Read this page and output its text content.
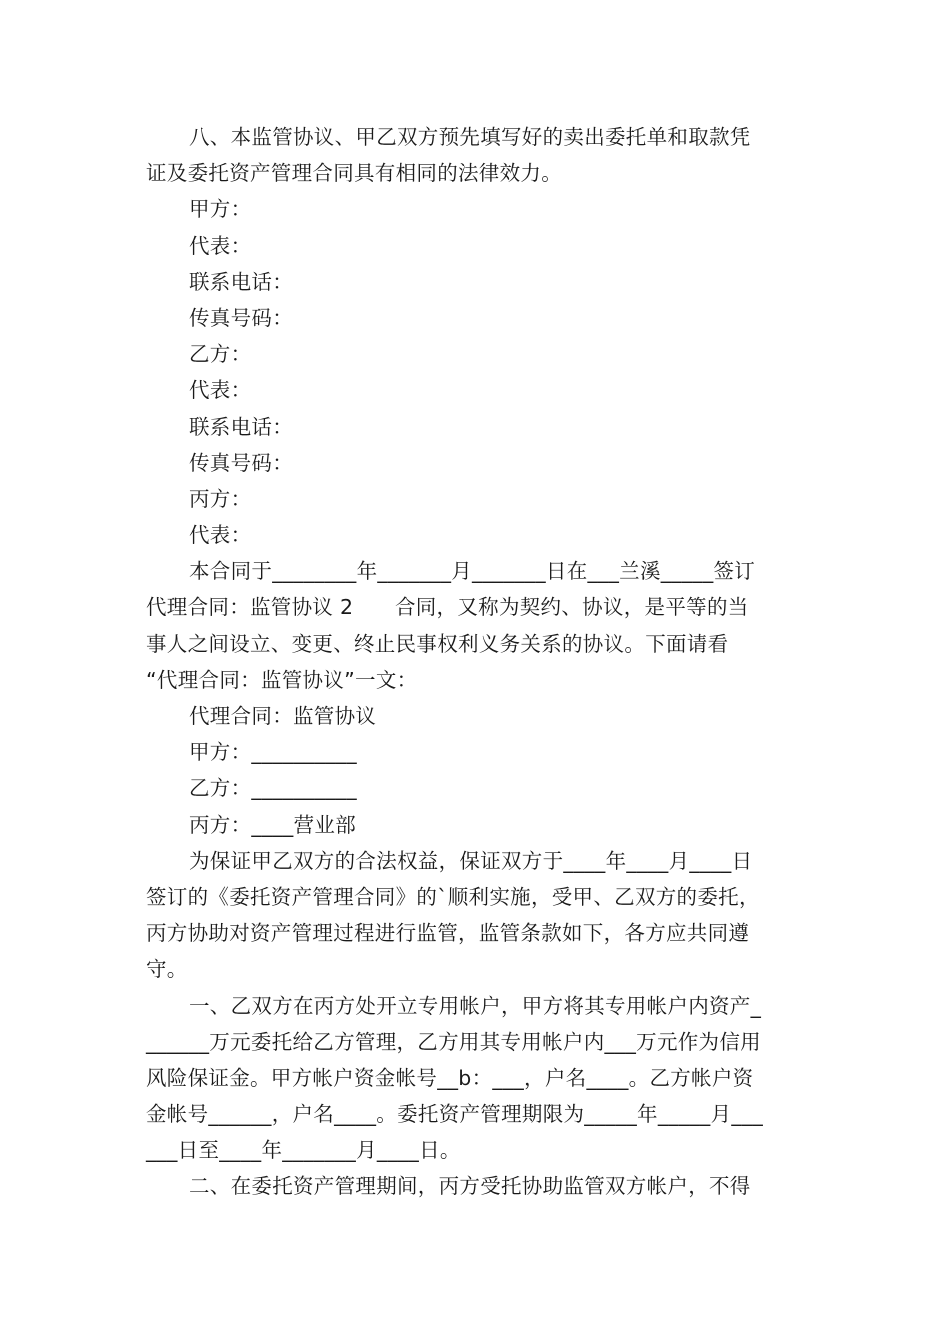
八、本监管协议、甲乙双方预先填写好的卖出委托单和取款凭
证及委托资产管理合同具有相同的法律效力。
甲方：
代表：
联系电话：
传真号码：
乙方：
代表：
联系电话：
传真号码：
丙方：
代表：
本合同于________年_______月_______日在___兰溪_____签订
代理合同：监管协议 2　　合同，又称为契约、协议，是平等的当
事人之间设立、变更、终止民事权利义务关系的协议。下面请看
“代理合同：监管协议”一文：
代理合同：监管协议
甲方：__________
乙方：__________
丙方：____营业部
为保证甲乙双方的合法权益，保证双方于____年____月____日
签订的《委托资产管理合同》的`顺利实施，受甲、乙双方的委托，
丙方协助对资产管理过程进行监管，监管条款如下，各方应共同遵
守。
一、乙双方在丙方处开立专用帐户，甲方将其专用帐户内资产_
______万元委托给乙方管理，乙方用其专用帐户内___万元作为信用
风险保证金。甲方帐户资金帐号__b：___，户名____。乙方帐户资
金帐号______，户名____。委托资产管理期限为_____年_____月___
___日至____年_______月____日。
二、在委托资产管理期间，丙方受托协助监管双方帐户，不得
